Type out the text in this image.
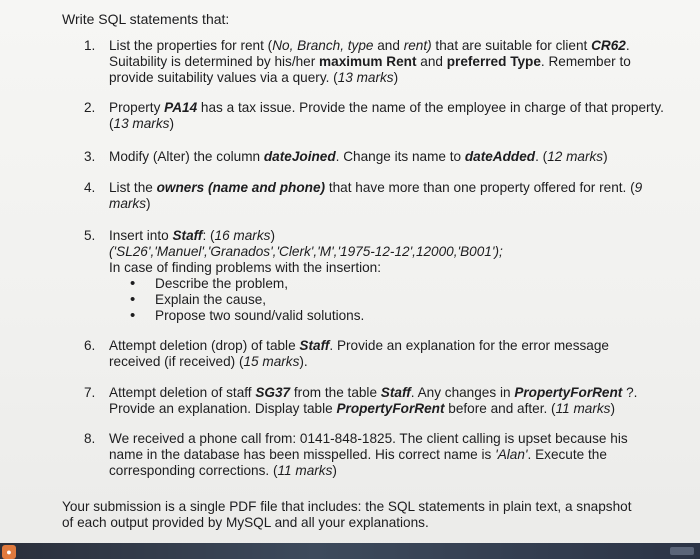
Write SQL statements that:
1. List the properties for rent (No, Branch, type and rent) that are suitable for client CR62. Suitability is determined by his/her maximum Rent and preferred Type. Remember to provide suitability values via a query. (13 marks)
2. Property PA14 has a tax issue. Provide the name of the employee in charge of that property. (13 marks)
3. Modify (Alter) the column dateJoined. Change its name to dateAdded. (12 marks)
4. List the owners (name and phone) that have more than one property offered for rent. (9 marks)
5. Insert into Staff: (16 marks)
('SL26','Manuel','Granados','Clerk','M','1975-12-12',12000,'B001');
In case of finding problems with the insertion:
• Describe the problem,
• Explain the cause,
• Propose two sound/valid solutions.
6. Attempt deletion (drop) of table Staff. Provide an explanation for the error message received (if received) (15 marks).
7. Attempt deletion of staff SG37 from the table Staff. Any changes in PropertyForRent ?. Provide an explanation. Display table PropertyForRent before and after. (11 marks)
8. We received a phone call from: 0141-848-1825. The client calling is upset because his name in the database has been misspelled. His correct name is 'Alan'. Execute the corresponding corrections. (11 marks)
Your submission is a single PDF file that includes: the SQL statements in plain text, a snapshot of each output provided by MySQL and all your explanations.
●
